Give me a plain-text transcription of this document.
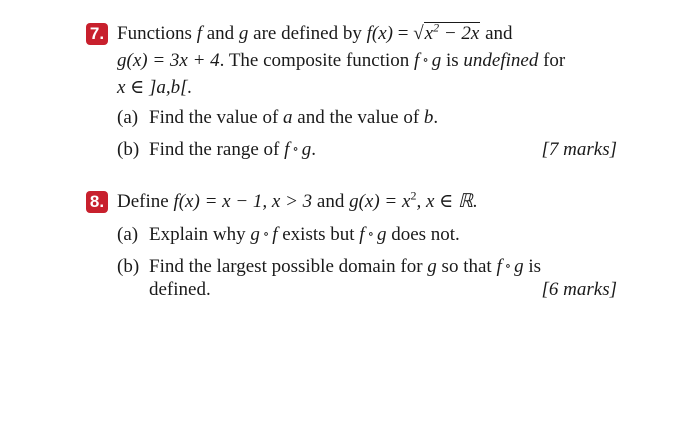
7. Functions f and g are defined by $f(x) = √x^2 - 2x$ and
g(x) = 3x + 4. The composite function f ∘ g is undefined for
x ∈ ]a,b[.
(a) Find the value of a and the value of b.
(b) Find the range of f ∘ g.	[7 marks]
8. Define f(x) = x − 1, x > 3 and $g(x) = x^2$, x ∈ ℝ.
(a) Explain why g ∘ f exists but f ∘ g does not.
(b) Find the largest possible domain for g so that f ∘ g is
defined.	[6 marks]
